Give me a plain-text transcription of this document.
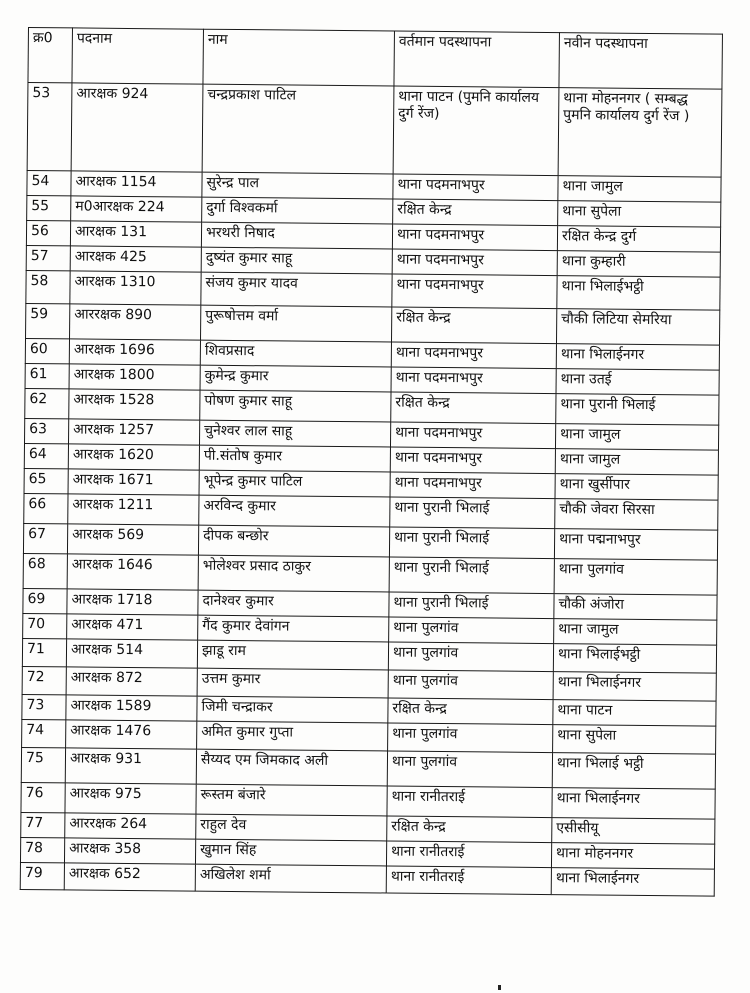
क्र0	पदनाम	नाम	वर्तमान पदस्थापना	नवीन पदस्थापना
53	आरक्षक 924	चन्द्रप्रकाश पाटिल	थाना पाटन (पुमनि कार्यालय दुर्ग रेंज)	थाना मोहननगर ( सम्बद्ध पुमनि कार्यालय दुर्ग रेंज )
54	आरक्षक 1154	सुरेन्द्र पाल	थाना पदमनाभपुर	थाना जामुल
55	म0आरक्षक 224	दुर्गा विश्वकर्मा	रक्षित केन्द्र	थाना सुपेला
56	आरक्षक 131	भरथरी निषाद	थाना पदमनाभपुर	रक्षित केन्द्र दुर्ग
57	आरक्षक 425	दुष्यंत कुमार साहू	थाना पदमनाभपुर	थाना कुम्हारी
58	आरक्षक 1310	संजय कुमार यादव	थाना पदमनाभपुर	थाना भिलाईभट्ठी
59	आररक्षक 890	पुरूषोत्तम वर्मा	रक्षित केन्द्र	चौकी लिटिया सेमरिया
60	आरक्षक 1696	शिवप्रसाद	थाना पदमनाभपुर	थाना भिलाईनगर
61	आरक्षक 1800	कुमेन्द्र कुमार	थाना पदमनाभपुर	थाना उतई
62	आरक्षक 1528	पोषण कुमार साहू	रक्षित केन्द्र	थाना पुरानी भिलाई
63	आरक्षक 1257	चुनेश्वर लाल साहू	थाना पदमनाभपुर	थाना जामुल
64	आरक्षक 1620	पी.संतोष कुमार	थाना पदमनाभपुर	थाना जामुल
65	आरक्षक 1671	भूपेन्द्र कुमार पाटिल	थाना पदमनाभपुर	थाना खुर्सीपार
66	आरक्षक 1211	अरविन्द कुमार	थाना पुरानी भिलाई	चौकी जेवरा सिरसा
67	आरक्षक 569	दीपक बन्छोर	थाना पुरानी भिलाई	थाना पद्मनाभपुर
68	आरक्षक 1646	भोलेश्वर प्रसाद ठाकुर	थाना पुरानी भिलाई	थाना पुलगांव
69	आरक्षक 1718	दानेश्वर कुमार	थाना पुरानी भिलाई	चौकी अंजोरा
70	आरक्षक 471	गैंद कुमार देवांगन	थाना पुलगांव	थाना जामुल
71	आरक्षक 514	झाडू राम	थाना पुलगांव	थाना भिलाईभट्ठी
72	आरक्षक 872	उत्तम कुमार	थाना पुलगांव	थाना भिलाईनगर
73	आरक्षक 1589	जिमी चन्द्राकर	रक्षित केन्द्र	थाना पाटन
74	आरक्षक 1476	अमित कुमार गुप्ता	थाना पुलगांव	थाना सुपेला
75	आरक्षक 931	सैय्यद एम जिमकाद अली	थाना पुलगांव	थाना भिलाई भट्ठी
76	आरक्षक 975	रूस्तम बंजारे	थाना रानीतराई	थाना भिलाईनगर
77	आररक्षक 264	राहुल देव	रक्षित केन्द्र	एसीसीयू
78	आरक्षक 358	खुमान सिंह	थाना रानीतराई	थाना मोहननगर
79	आरक्षक 652	अखिलेश शर्मा	थाना रानीतराई	थाना भिलाईनगर
